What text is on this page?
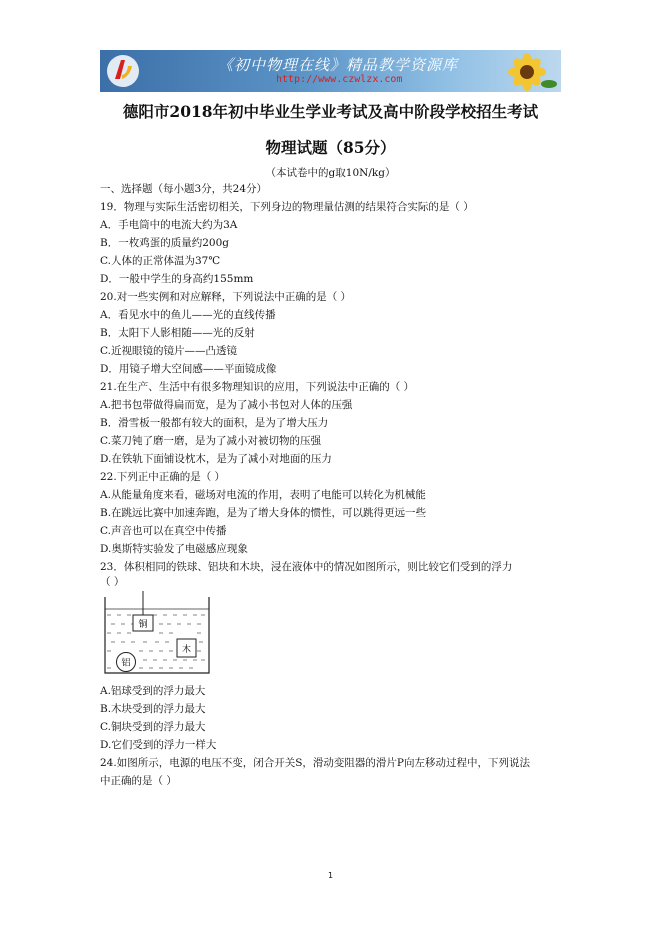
《初中物理在线》精品教学资源库
http://www.czwlzx.com
德阳市2018年初中毕业生学业考试及高中阶段学校招生考试
物理试题（85分）
（本试卷中的g取10N/kg）
一、选择题（每小题3分，共24分）
19．物理与实际生活密切相关，下列身边的物理量估测的结果符合实际的是（ ）
A．手电筒中的电流大约为3A
B．一枚鸡蛋的质量约200g
C.人体的正常体温为37℃
D．一般中学生的身高约155mm
20.对一些实例和对应解释，下列说法中正确的是（ ）
A．看见水中的鱼儿——光的直线传播
B．太阳下人影相随——光的反射
C.近视眼镜的镜片——凸透镜
D．用镜子增大空间感——平面镜成像
21.在生产、生活中有很多物理知识的应用，下列说法中正确的（ ）
A.把书包带做得扁而宽，是为了减小书包对人体的压强
B．滑雪板一般都有较大的面积，是为了增大压力
C.菜刀钝了磨一磨，是为了减小对被切物的压强
D.在铁轨下面铺设枕木，是为了减小对地面的压力
22.下列正中正确的是（ ）
A.从能量角度来看，磁场对电流的作用，表明了电能可以转化为机械能
B.在跳远比赛中加速奔跑，是为了增大身体的惯性，可以跳得更远一些
C.声音也可以在真空中传播
D.奥斯特实验发了电磁感应现象
23．体积相同的铁球、铝块和木块，浸在液体中的情况如图所示，则比较它们受到的浮力
（ ）
铜
木
铝
A.铝球受到的浮力最大
B.木块受到的浮力最大
C.铜块受到的浮力最大
D.它们受到的浮力一样大
24.如图所示，电源的电压不变，闭合开关S，滑动变阻器的滑片P向左移动过程中，下列说法
中正确的是（ ）
1
